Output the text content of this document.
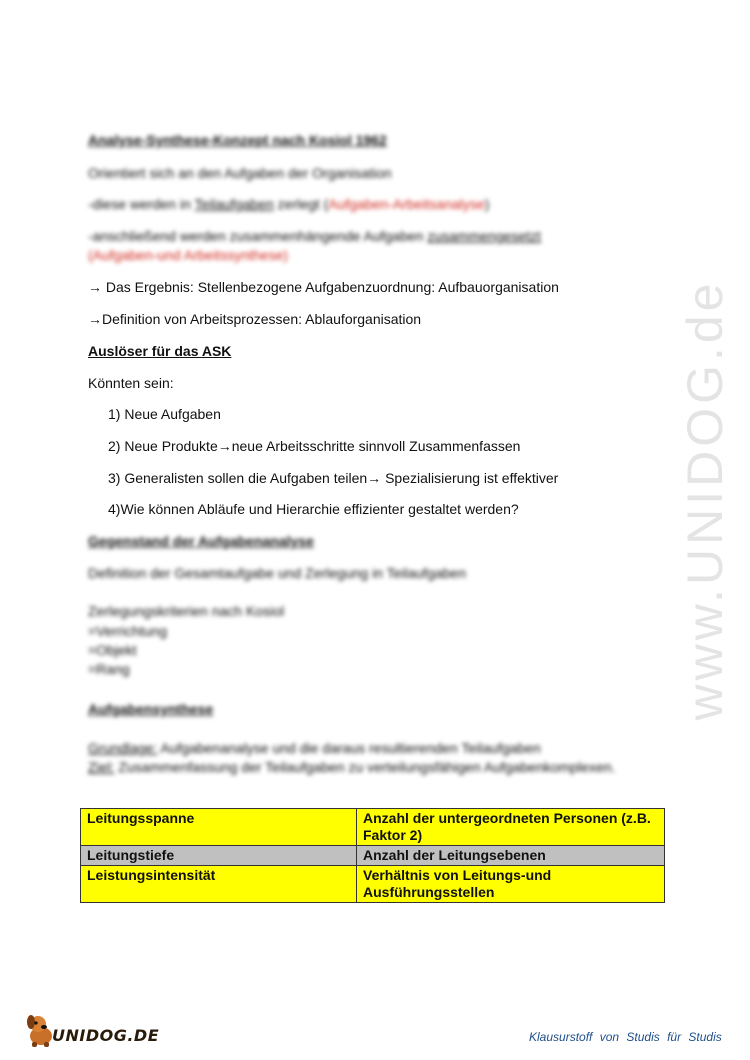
www.UNIDOG.de
Analyse-Synthese-Konzept nach Kosiol 1962
Orientiert sich an den Aufgaben der Organisation
-diese werden in Teilaufgaben zerlegt (Aufgaben-Arbeitsanalyse)
-anschließend werden zusammenhängende Aufgaben zusammengesetzt
(Aufgaben-und Arbeitssynthese)
→ Das Ergebnis: Stellenbezogene Aufgabenzuordnung: Aufbauorganisation
→Definition von Arbeitsprozessen: Ablauforganisation
Auslöser für das ASK
Könnten sein:
1) Neue Aufgaben
2) Neue Produkte→neue Arbeitsschritte sinnvoll Zusammenfassen
3) Generalisten sollen die Aufgaben teilen→ Spezialisierung ist effektiver
4)Wie können Abläufe und Hierarchie effizienter gestaltet werden?
Gegenstand der Aufgabenanalyse
Definition der Gesamtaufgabe und Zerlegung in Teilaufgaben
Zerlegungskriterien nach Kosiol
=Verrichtung
=Objekt
=Rang
Aufgabensynthese
Grundlage: Aufgabenanalyse und die daraus resultierenden Teilaufgaben
Ziel: Zusammenfassung der Teilaufgaben zu verteilungsfähigen Aufgabenkomplexen.
Leitungsspanne	Anzahl der untergeordneten Personen (z.B. Faktor 2)
Leitungstiefe	Anzahl der Leitungsebenen
Leistungsintensität	Verhältnis von Leitungs-und Ausführungsstellen
UNIDOG.DE	Klausurstoff von Studis für Studis
